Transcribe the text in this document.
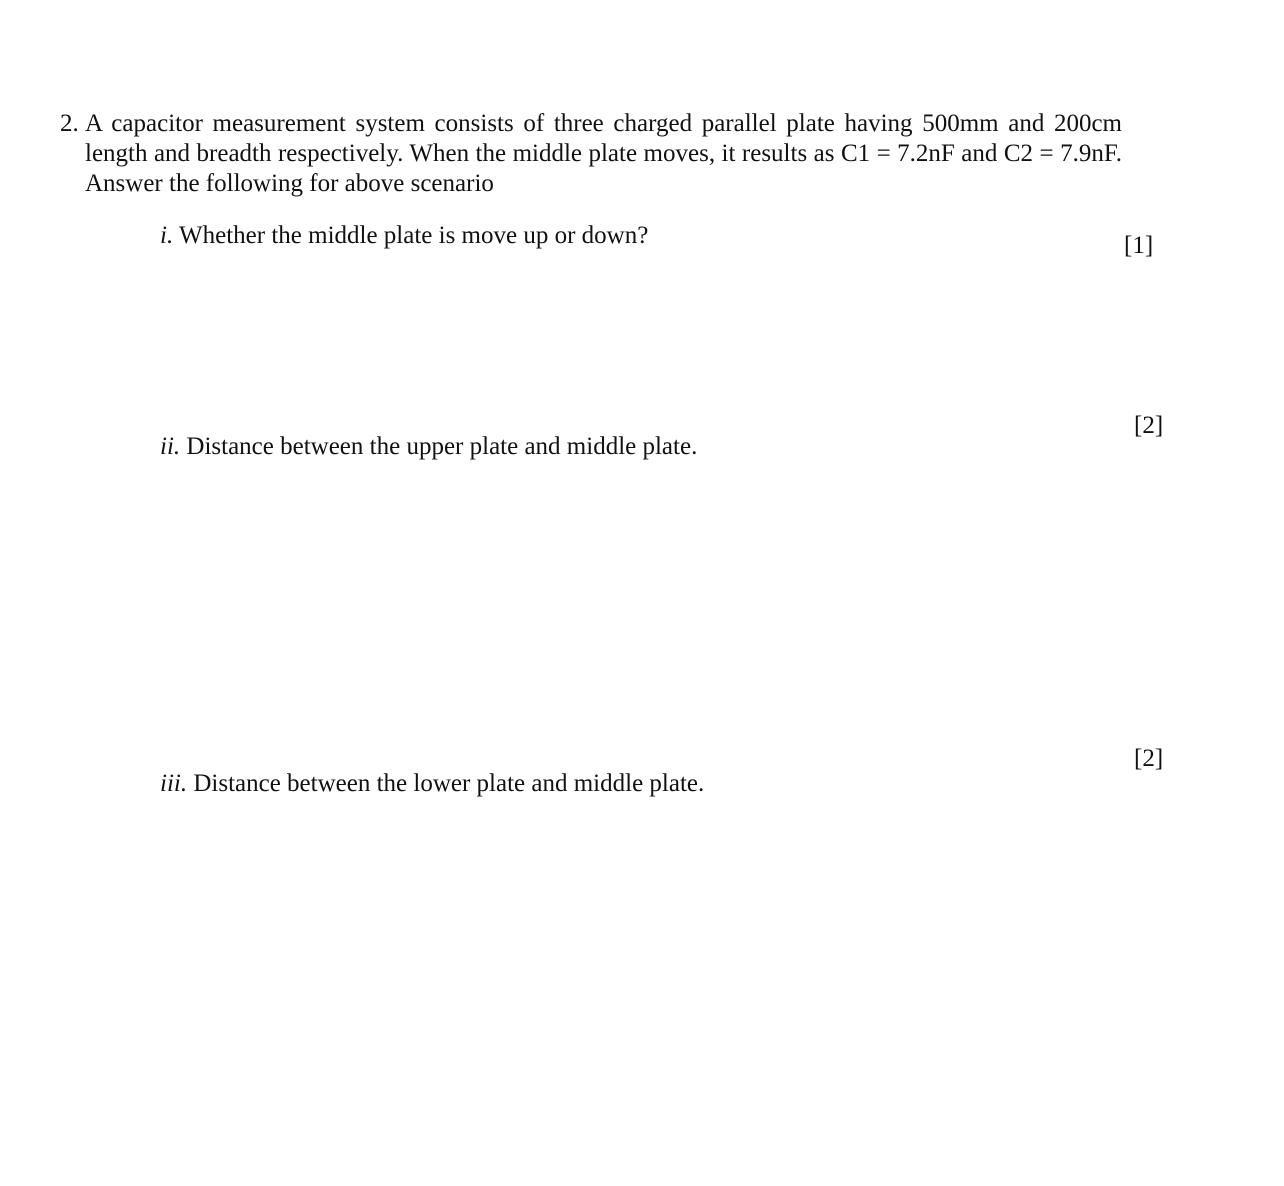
2. A capacitor measurement system consists of three charged parallel plate having 500mm and 200cm length and breadth respectively. When the middle plate moves, it results as C1 = 7.2nF and C2 = 7.9nF. Answer the following for above scenario
i. Whether the middle plate is move up or down?	[1]
[2]
ii. Distance between the upper plate and middle plate.
[2]
iii. Distance between the lower plate and middle plate.
